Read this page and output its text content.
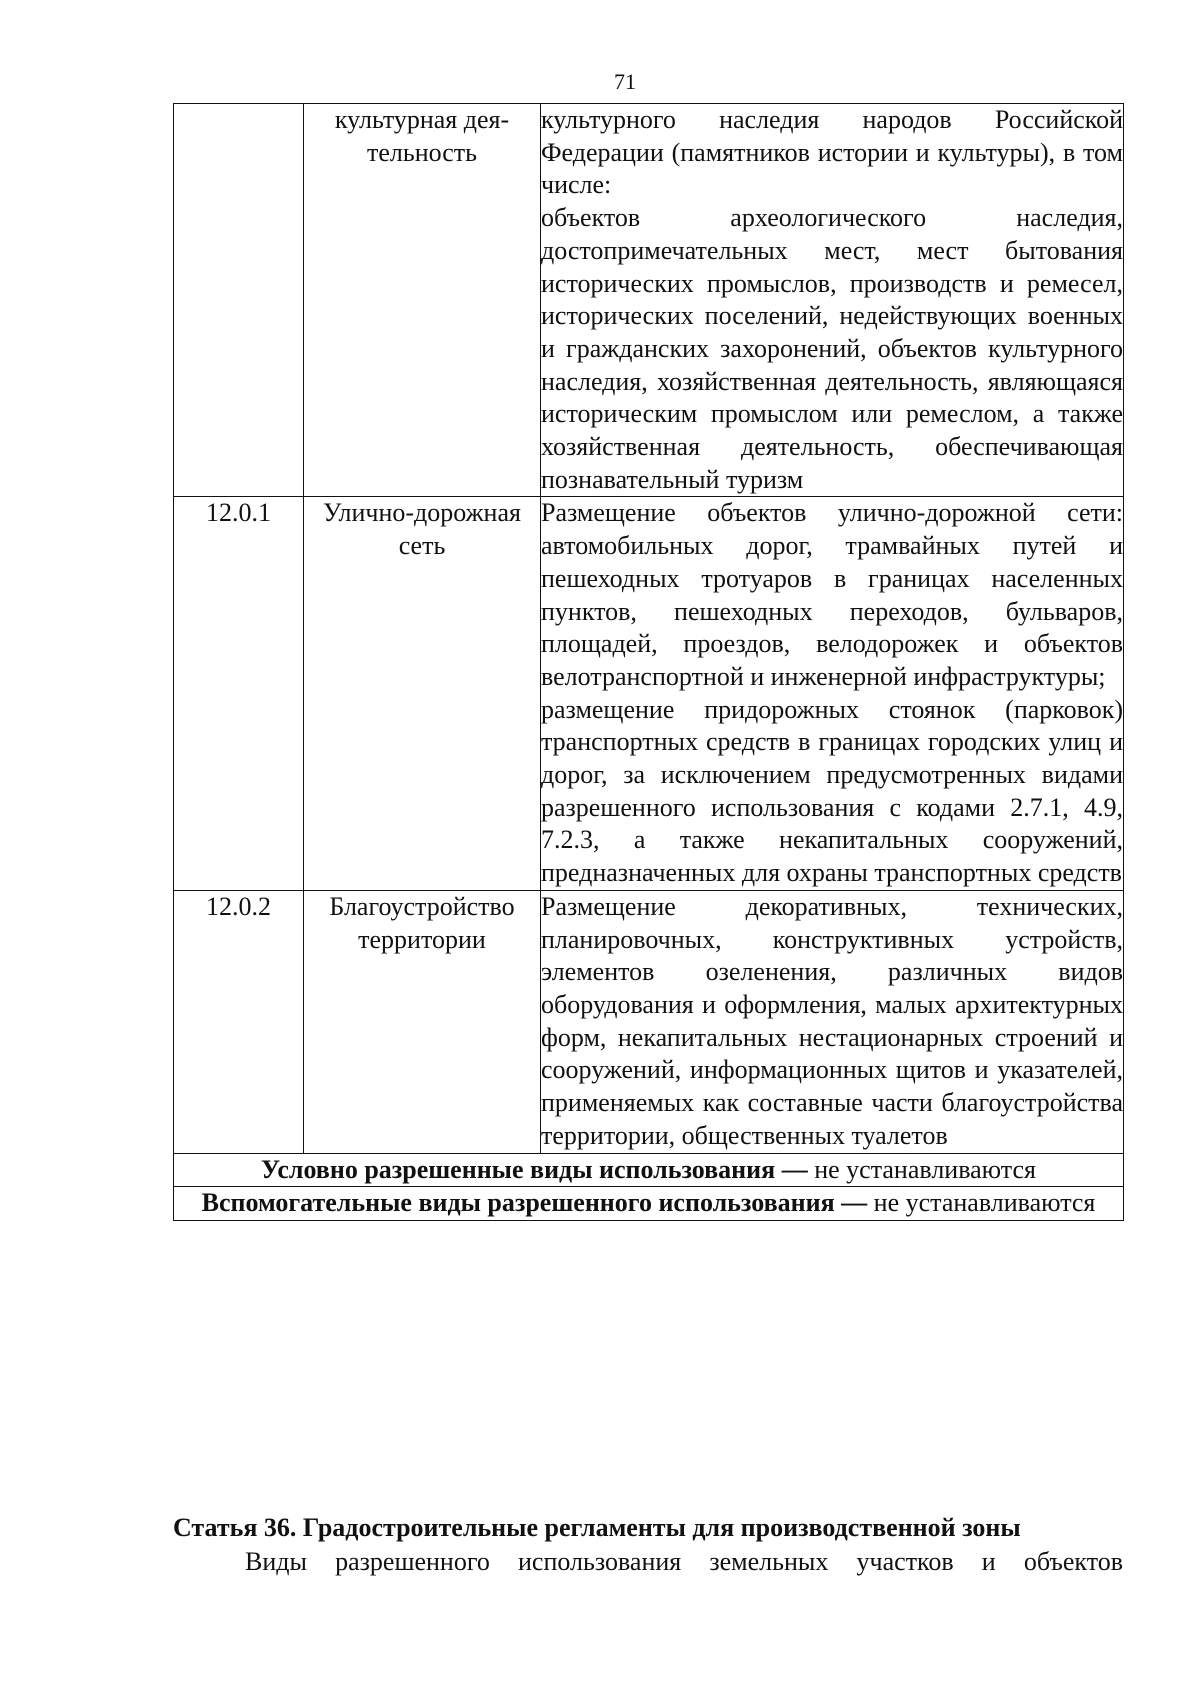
71
	культурная дея-тельность	культурного наследия народов Российской Федерации (памятников истории и культуры), в том числе:

объектов археологического наследия, достопримечательных мест, мест бытования исторических промыслов, производств и ремесел, исторических поселений, недействующих военных и гражданских захоронений, объектов культурного наследия, хозяйственная деятельность, являющаяся историческим промыслом или ремеслом, а также хозяйственная деятельность, обеспечивающая познавательный туризм

12.0.1	Улично-дорожная сеть	Размещение объектов улично-дорожной сети: автомобильных дорог, трамвайных путей и пешеходных тротуаров в границах населенных пунктов, пешеходных переходов, бульваров, площадей, проездов, велодорожек и объектов велотранспортной и инженерной инфраструктуры;

размещение придорожных стоянок (парковок) транспортных средств в границах городских улиц и дорог, за исключением предусмотренных видами разрешенного использования с кодами 2.7.1, 4.9, 7.2.3, а также некапитальных сооружений, предназначенных для охраны транспортных средств

12.0.2	Благоустройство территории	Размещение декоративных, технических, планировочных, конструктивных устройств, элементов озеленения, различных видов оборудования и оформления, малых архитектурных форм, некапитальных нестационарных строений и сооружений, информационных щитов и указателей, применяемых как составные части благоустройства территории, общественных туалетов

Условно разрешенные виды использования — не устанавливаются		
Вспомогательные виды разрешенного использования — не устанавливаются		

Статья 36. Градостроительные регламенты для производственной зоны

Виды разрешенного использования земельных участков и объектов
